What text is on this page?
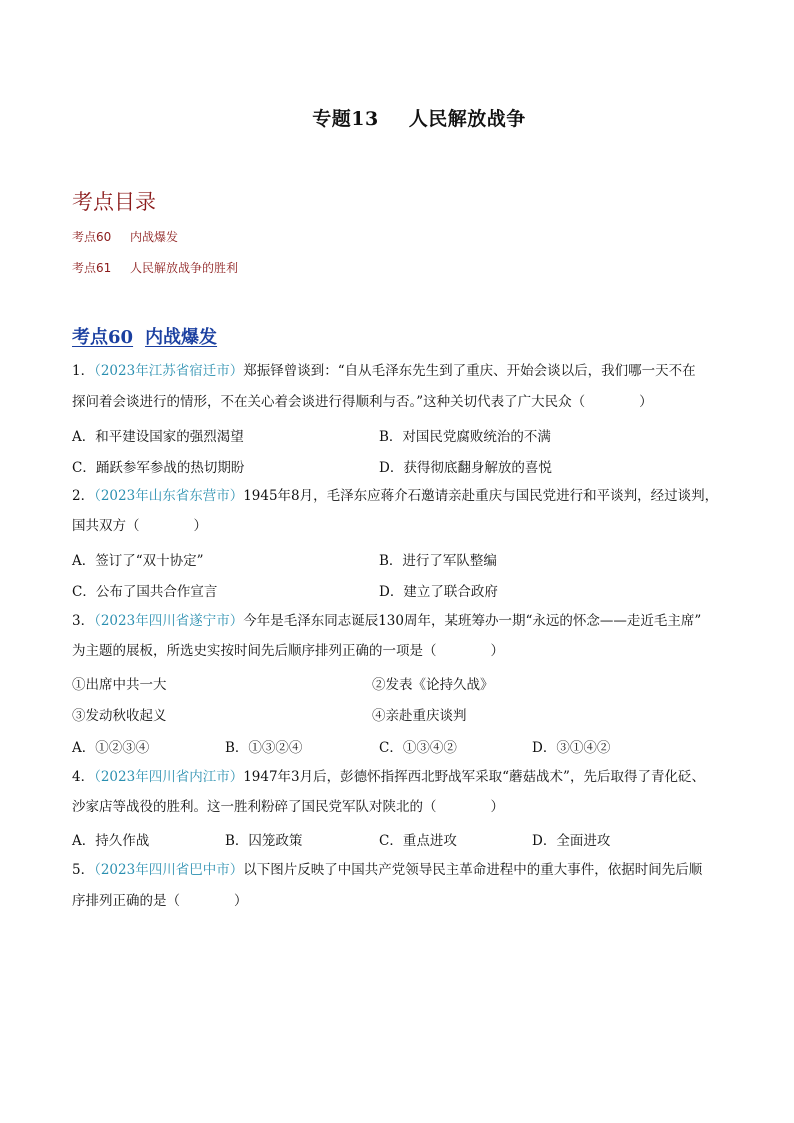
专题13 人民解放战争
考点目录
考点60 内战爆发
考点61 人民解放战争的胜利
考点60 内战爆发
1．（2023年江苏省宿迁市）郑振铎曾谈到：“自从毛泽东先生到了重庆、开始会谈以后，我们哪一天不在
探问着会谈进行的情形，不在关心着会谈进行得顺利与否。”这种关切代表了广大民众（　　　　）
A．和平建设国家的强烈渴望	B．对国民党腐败统治的不满
C．踊跃参军参战的热切期盼	D．获得彻底翻身解放的喜悦
2．（2023年山东省东营市）1945年8月，毛泽东应蒋介石邀请亲赴重庆与国民党进行和平谈判，经过谈判，
国共双方（　　　　）
A．签订了“双十协定”	B．进行了军队整编
C．公布了国共合作宣言	D．建立了联合政府
3．（2023年四川省遂宁市）今年是毛泽东同志诞辰130周年，某班筹办一期“永远的怀念——走近毛主席”
为主题的展板，所选史实按时间先后顺序排列正确的一项是（　　　　）
①出席中共一大	②发表《论持久战》
③发动秋收起义	④亲赴重庆谈判
A．①②③④	B．①③②④	C．①③④②	D．③①④②
4．（2023年四川省内江市）1947年3月后，彭德怀指挥西北野战军采取“蘑菇战术”，先后取得了青化砭、
沙家店等战役的胜利。这一胜利粉碎了国民党军队对陕北的（　　　　）
A．持久作战	B．囚笼政策	C．重点进攻	D．全面进攻
5．（2023年四川省巴中市）以下图片反映了中国共产党领导民主革命进程中的重大事件，依据时间先后顺
序排列正确的是（　　　　）
